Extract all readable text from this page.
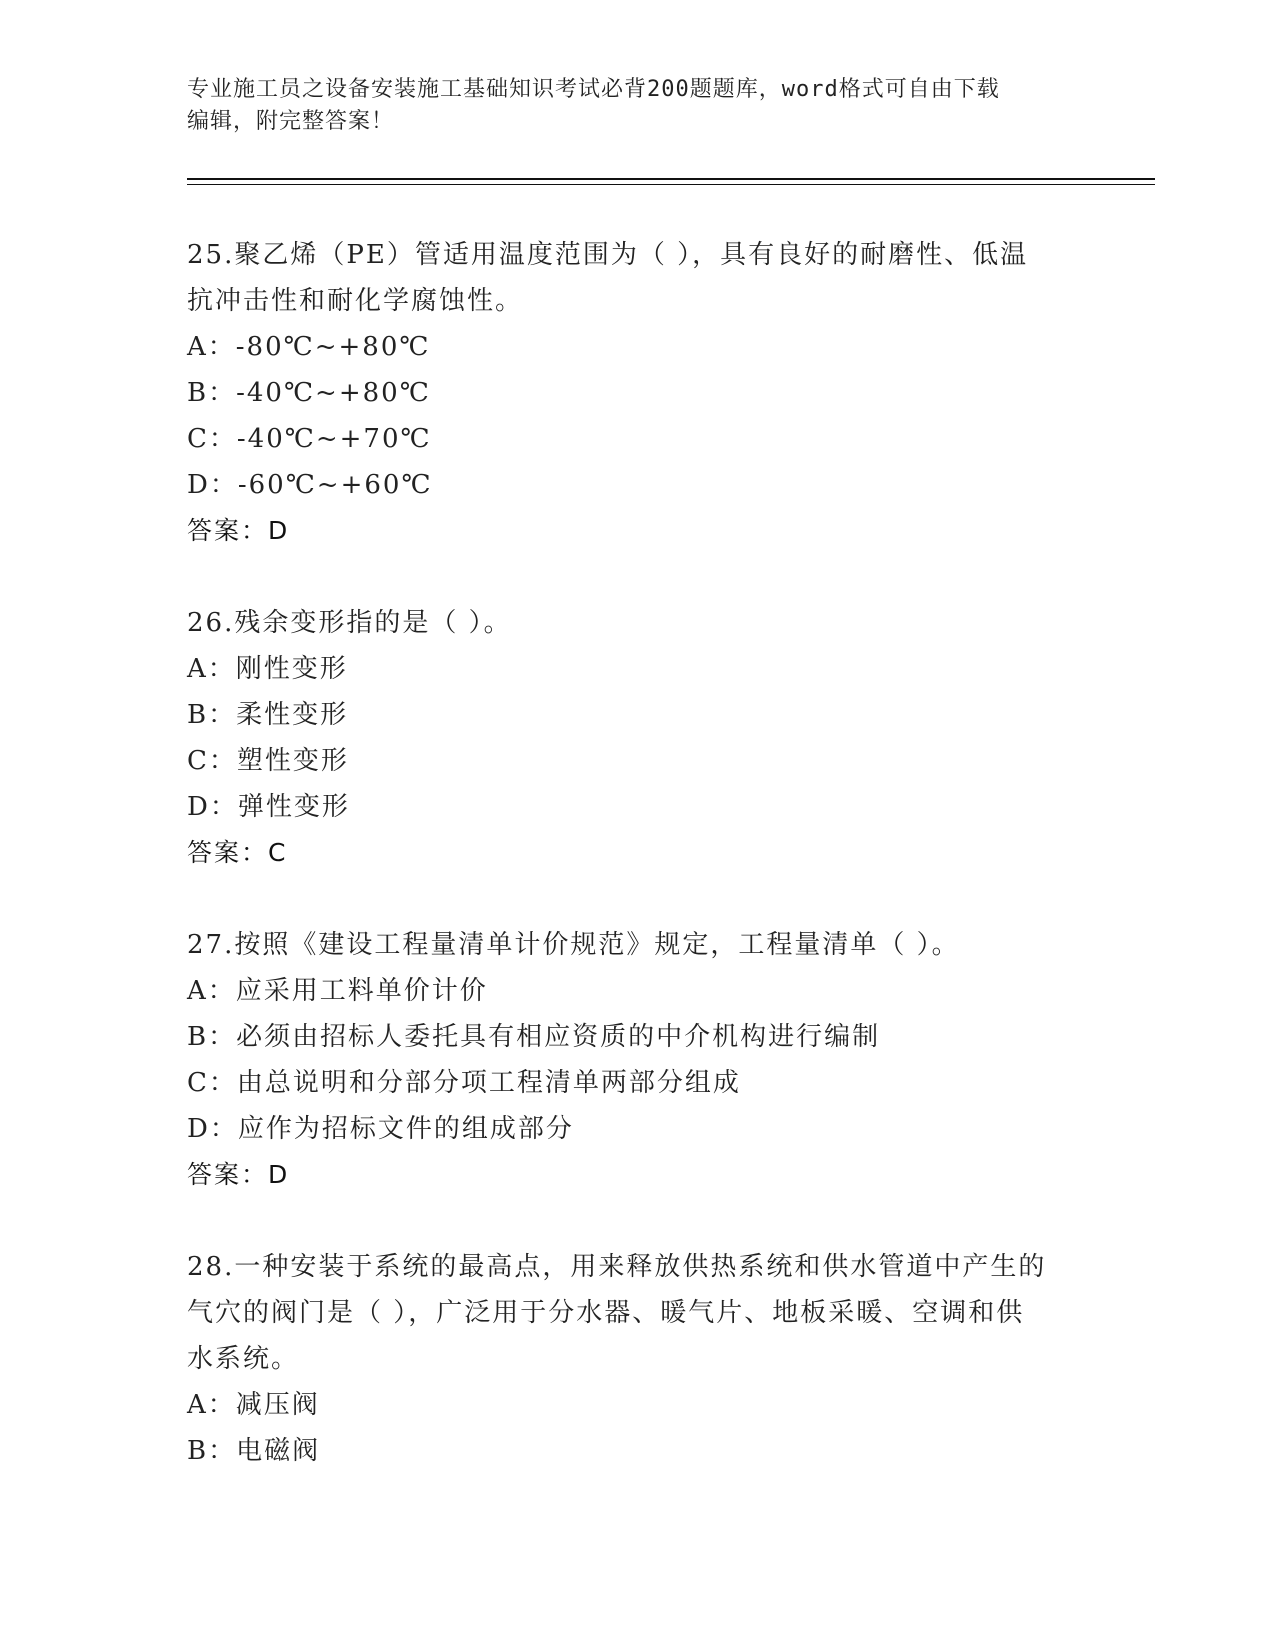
专业施工员之设备安装施工基础知识考试必背200题题库，word格式可自由下载
编辑，附完整答案！
25.聚乙烯（PE）管适用温度范围为（ ），具有良好的耐磨性、低温
抗冲击性和耐化学腐蚀性。
A：-80℃~+80℃
B：-40℃~+80℃
C：-40℃~+70℃
D：-60℃~+60℃
答案：D
26.残余变形指的是（ ）。
A：刚性变形
B：柔性变形
C：塑性变形
D：弹性变形
答案：C
27.按照《建设工程量清单计价规范》规定，工程量清单（ ）。
A：应采用工料单价计价
B：必须由招标人委托具有相应资质的中介机构进行编制
C：由总说明和分部分项工程清单两部分组成
D：应作为招标文件的组成部分
答案：D
28.一种安装于系统的最高点，用来释放供热系统和供水管道中产生的
气穴的阀门是（ ），广泛用于分水器、暖气片、地板采暖、空调和供
水系统。
A：减压阀
B：电磁阀
